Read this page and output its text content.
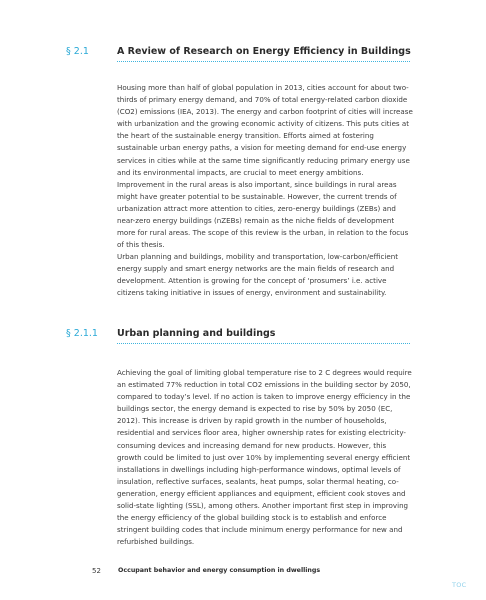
§ 2.1	A Review of Research on Energy Efficiency in Buildings

Housing more than half of global population in 2013, cities account for about two-thirds of primary energy demand, and 70% of total energy-related carbon dioxide (CO2) emissions (IEA, 2013). The energy and carbon footprint of cities will increase with urbanization and the growing economic activity of citizens. This puts cities at the heart of the sustainable energy transition. Efforts aimed at fostering sustainable urban energy paths, a vision for meeting demand for end-use energy services in cities while at the same time significantly reducing primary energy use and its environmental impacts, are crucial to meet energy ambitions. Improvement in the rural areas is also important, since buildings in rural areas might have greater potential to be sustainable. However, the current trends of urbanization attract more attention to cities, zero-energy buildings (ZEBs) and near-zero energy buildings (nZEBs) remain as the niche fields of development more for rural areas. The scope of this review is the urban, in relation to the focus of this thesis.

Urban planning and buildings, mobility and transportation, low-carbon/efficient energy supply and smart energy networks are the main fields of research and development. Attention is growing for the concept of ‘prosumers’ i.e. active citizens taking initiative in issues of energy, environment and sustainability.

§ 2.1.1 Urban planning and buildings

Achieving the goal of limiting global temperature rise to 2 C degrees would require an estimated 77% reduction in total CO2 emissions in the building sector by 2050, compared to today’s level. If no action is taken to improve energy efficiency in the buildings sector, the energy demand is expected to rise by 50% by 2050 (EC, 2012). This increase is driven by rapid growth in the number of households, residential and services floor area, higher ownership rates for existing electricity-consuming devices and increasing demand for new products. However, this growth could be limited to just over 10% by implementing several energy efficient installations in dwellings including high-performance windows, optimal levels of insulation, reflective surfaces, sealants, heat pumps, solar thermal heating, co-generation, energy efficient appliances and equipment, efficient cook stoves and solid-state lighting (SSL), among others. Another important first step in improving the energy efficiency of the global building stock is to establish and enforce stringent building codes that include minimum energy performance for new and refurbished buildings.

52	Occupant behavior and energy consumption in dwellings
TOC
